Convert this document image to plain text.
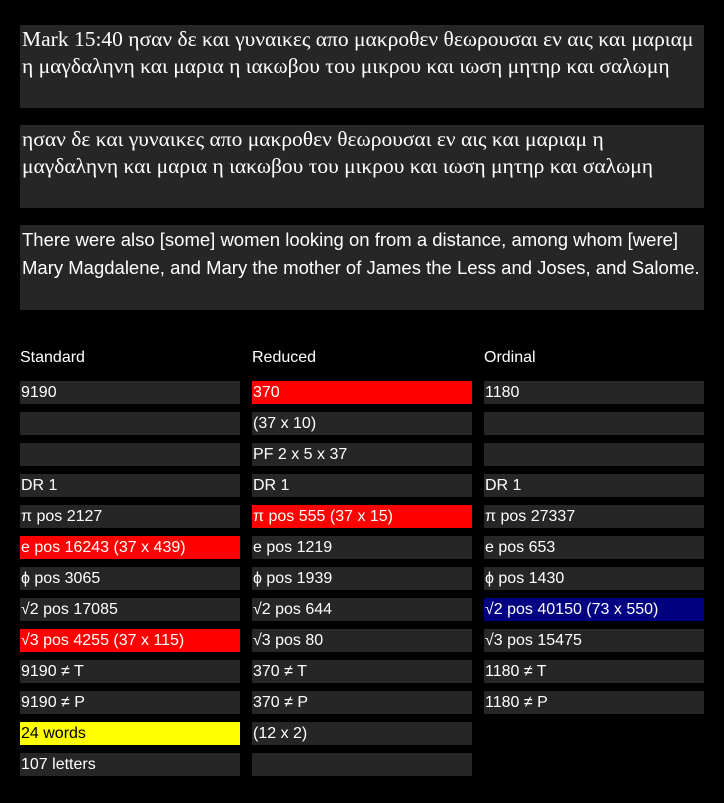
Mark 15:40 ησαν δε και γυναικες απο μακροθεν θεωρουσαι εν αις και μαριαμ η μαγδαληνη και μαρια η ιακωβου του μικρου και ιωση μητηρ και σαλωμη
ησαν δε και γυναικες απο μακροθεν θεωρουσαι εν αις και μαριαμ η μαγδαληνη και μαρια η ιακωβου του μικρου και ιωση μητηρ και σαλωμη
There were also [some] women looking on from a distance, among whom [were] Mary Magdalene, and Mary the mother of James the Less and Joses, and Salome.
Standard	Reduced	Ordinal
9190
DR 1
π pos 2127
e pos 16243 (37 x 439)
ϕ pos 3065
√2 pos 17085
√3 pos 4255 (37 x 115)
9190 ≠ T
9190 ≠ P
24 words
107 letters
370
(37 x 10)
PF 2 x 5 x 37
DR 1
π pos 555 (37 x 15)
e pos 1219
ϕ pos 1939
√2 pos 644
√3 pos 80
370 ≠ T
370 ≠ P
(12 x 2)
1180
DR 1
π pos 27337
e pos 653
ϕ pos 1430
√2 pos 40150 (73 x 550)
√3 pos 15475
1180 ≠ T
1180 ≠ P
